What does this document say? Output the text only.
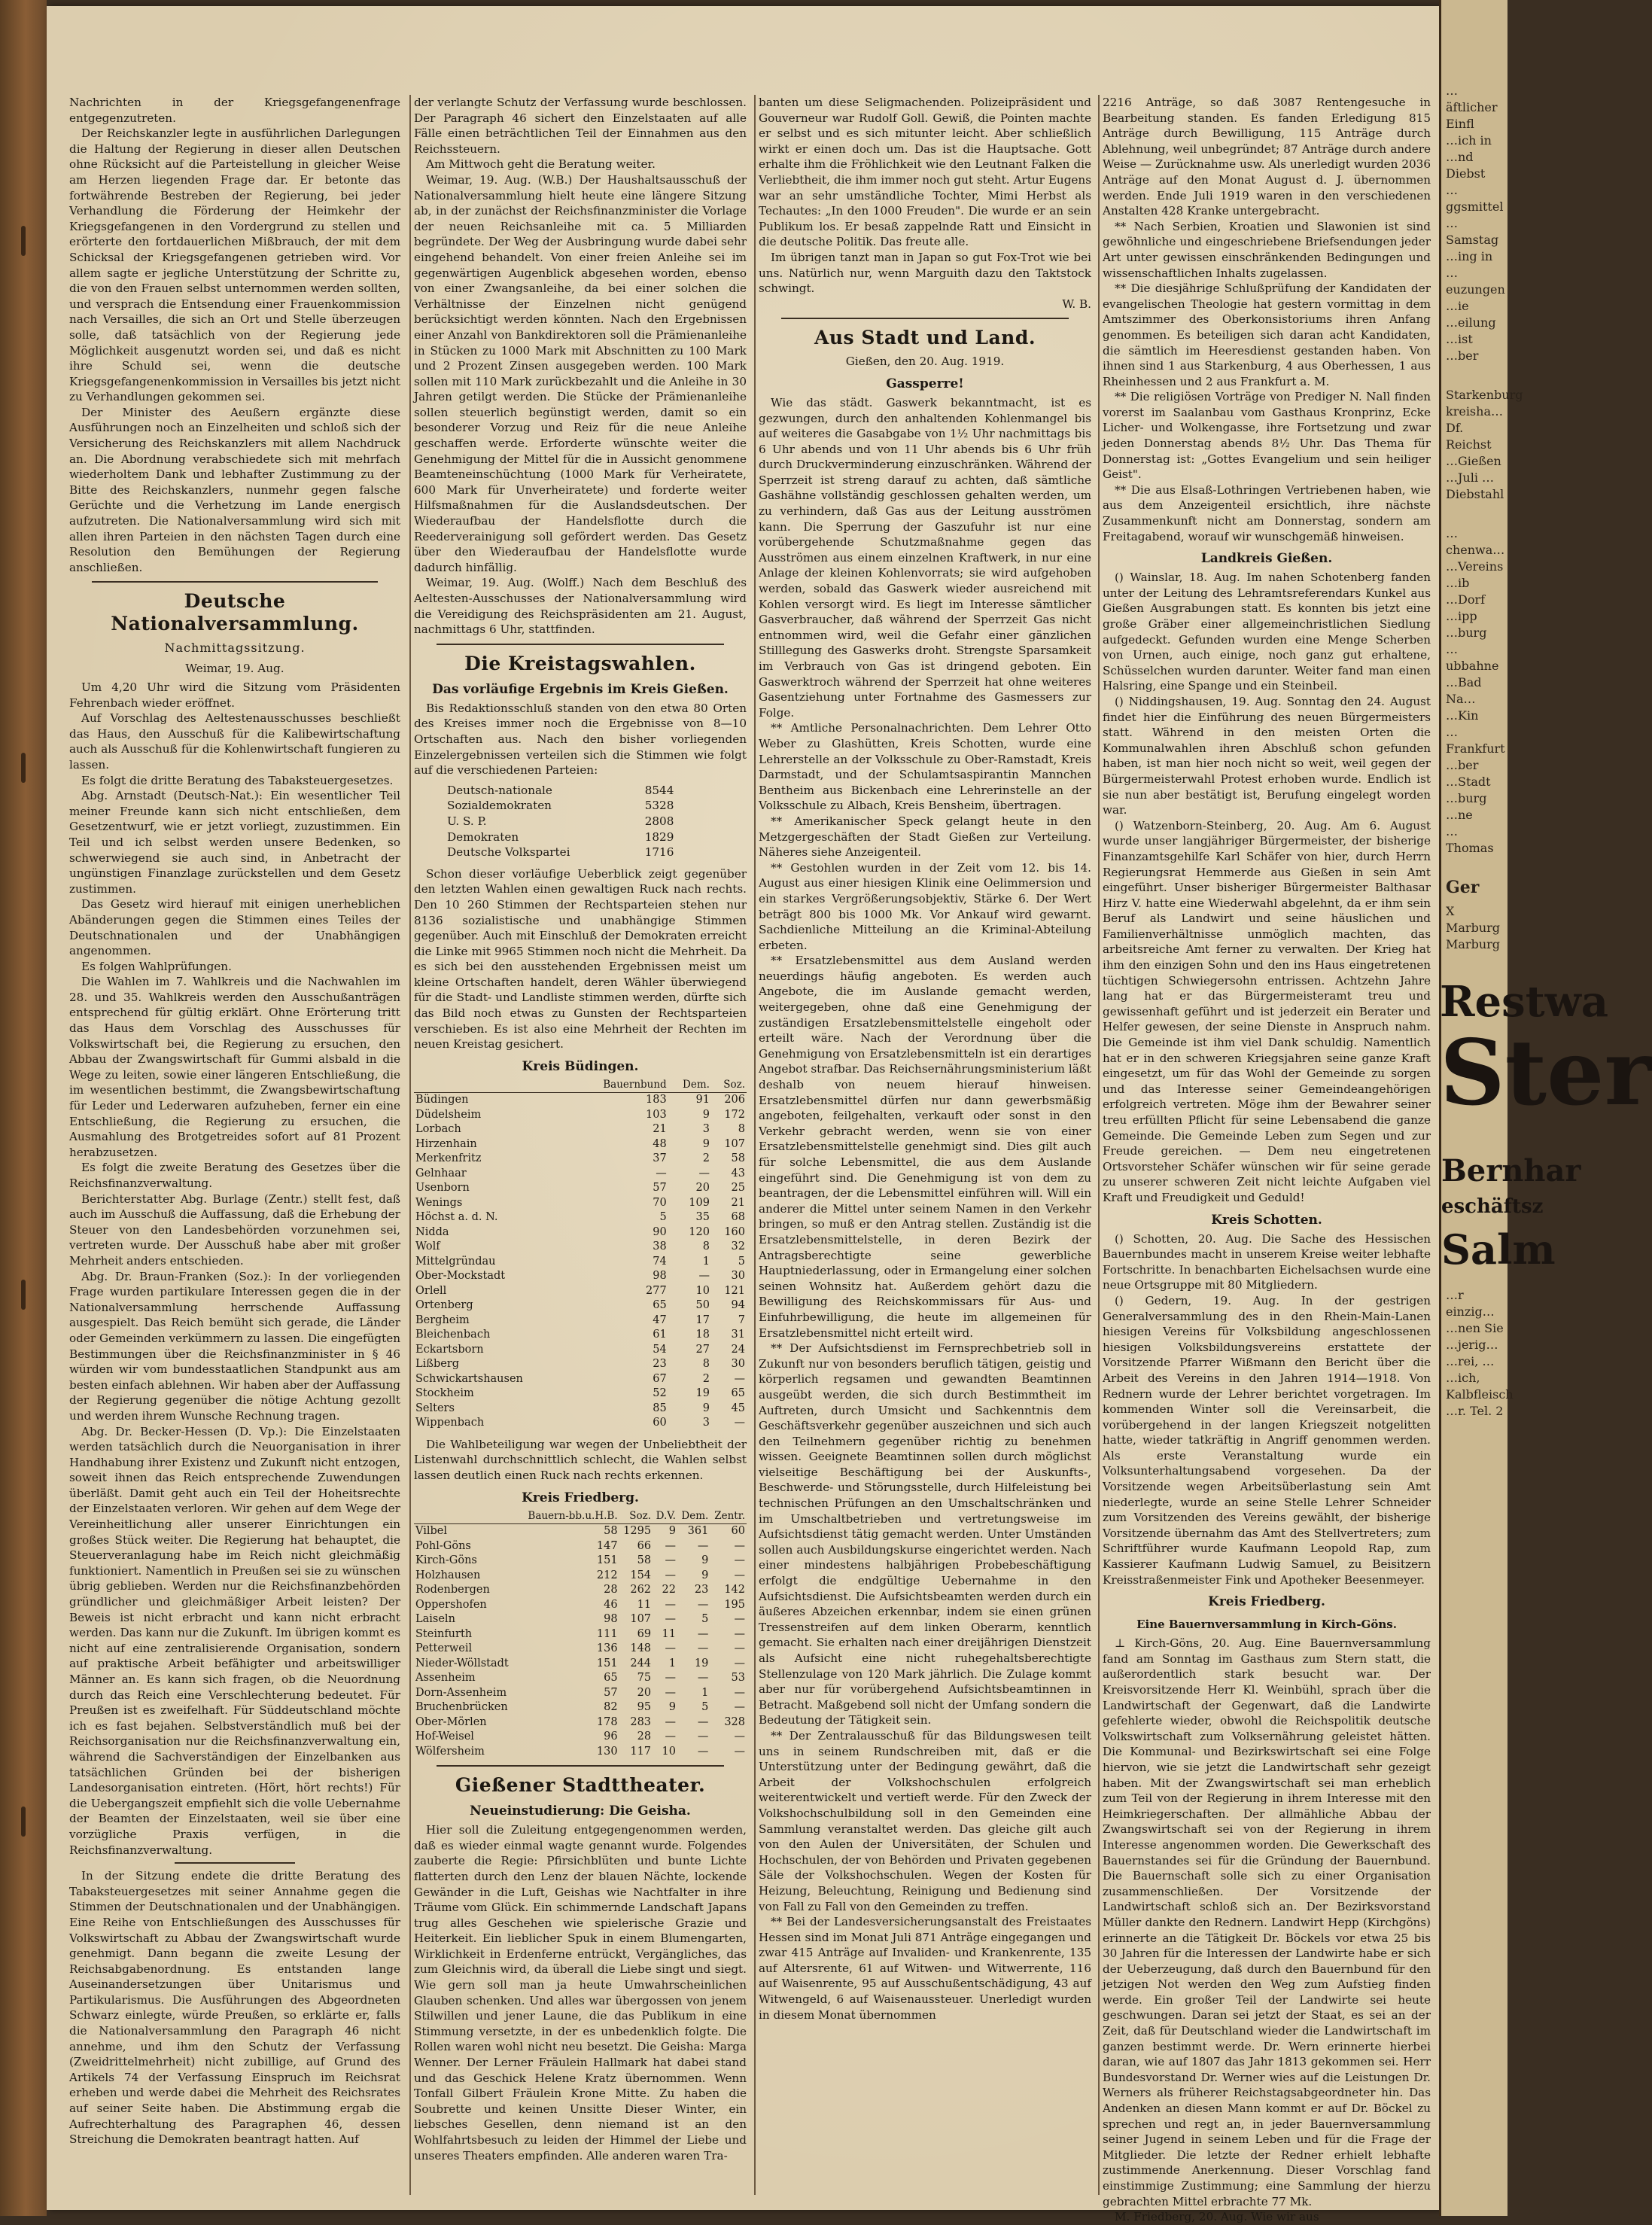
Nachrichten in der Kriegsgefangenenfrage entgegenzutreten.

Der Reichskanzler legte in ausführlichen Darlegungen die Haltung der Regierung in dieser allen Deutschen ohne Rücksicht auf die Parteistellung in gleicher Weise am Herzen liegenden Frage dar. Er betonte das fortwährende Bestreben der Regierung, bei jeder Verhandlung die Förderung der Heimkehr der Kriegsgefangenen in den Vordergrund zu stellen und erörterte den fortdauerlichen Mißbrauch, der mit dem Schicksal der Kriegsgefangenen getrieben wird. Vor allem sagte er jegliche Unterstützung der Schritte zu, die von den Frauen selbst unternommen werden sollten, und versprach die Entsendung einer Frauenkommission nach Versailles, die sich an Ort und Stelle überzeugen solle, daß tatsächlich von der Regierung jede Möglichkeit ausgenutzt worden sei, und daß es nicht ihre Schuld sei, wenn die deutsche Kriegsgefangenenkommission in Versailles bis jetzt nicht zu Verhandlungen gekommen sei.

Der Minister des Aeußern ergänzte diese Ausführungen noch an Einzelheiten und schloß sich der Versicherung des Reichskanzlers mit allem Nachdruck an. Die Abordnung verabschiedete sich mit mehrfach wiederholtem Dank und lebhafter Zustimmung zu der Bitte des Reichskanzlers, nunmehr gegen falsche Gerüchte und die Verhetzung im Lande energisch aufzutreten. Die Nationalversammlung wird sich mit allen ihren Parteien in den nächsten Tagen durch eine Resolution den Bemühungen der Regierung anschließen.

Deutsche Nationalversammlung.
Nachmittagssitzung.
Weimar, 19. Aug.

Um 4,20 Uhr wird die Sitzung vom Präsidenten Fehrenbach wieder eröffnet.

Auf Vorschlag des Aeltestenausschusses beschließt das Haus, den Ausschuß für die Kalibewirtschaftung auch als Ausschuß für die Kohlenwirtschaft fungieren zu lassen.

Es folgt die dritte Beratung des Tabaksteuergesetzes.

Abg. Arnstadt (Deutsch-Nat.): Ein wesentlicher Teil meiner Freunde kann sich nicht entschließen, dem Gesetzentwurf, wie er jetzt vorliegt, zuzustimmen. Ein Teil und ich selbst werden unsere Bedenken, so schwerwiegend sie auch sind, in Anbetracht der ungünstigen Finanzlage zurückstellen und dem Gesetz zustimmen.

Das Gesetz wird hierauf mit einigen unerheblichen Abänderungen gegen die Stimmen eines Teiles der Deutschnationalen und der Unabhängigen angenommen.

Es folgen Wahlprüfungen.

Die Wahlen im 7. Wahlkreis und die Nachwahlen im 28. und 35. Wahlkreis werden den Ausschußanträgen entsprechend für gültig erklärt. Ohne Erörterung tritt das Haus dem Vorschlag des Ausschusses für Volkswirtschaft bei, die Regierung zu ersuchen, den Abbau der Zwangswirtschaft für Gummi alsbald in die Wege zu leiten, sowie einer längeren Entschließung, die im wesentlichen bestimmt, die Zwangsbewirtschaftung für Leder und Lederwaren aufzuheben, ferner ein eine Entschließung, die Regierung zu ersuchen, die Ausmahlung des Brotgetreides sofort auf 81 Prozent herabzusetzen.

Es folgt die zweite Beratung des Gesetzes über die Reichsfinanzverwaltung.

Berichterstatter Abg. Burlage (Zentr.) stellt fest, daß auch im Ausschuß die Auffassung, daß die Erhebung der Steuer von den Landesbehörden vorzunehmen sei, vertreten wurde. Der Ausschuß habe aber mit großer Mehrheit anders entschieden.

Abg. Dr. Braun-Franken (Soz.): In der vorliegenden Frage wurden partikulare Interessen gegen die in der Nationalversammlung herrschende Auffassung ausgespielt. Das Reich bemüht sich gerade, die Länder oder Gemeinden verkümmern zu lassen. Die eingefügten Bestimmungen über die Reichsfinanzminister in § 46 würden wir vom bundesstaatlichen Standpunkt aus am besten einfach ablehnen. Wir haben aber der Auffassung der Regierung gegenüber die nötige Achtung gezollt und werden ihrem Wunsche Rechnung tragen.

Abg. Dr. Becker-Hessen (D. Vp.): Die Einzelstaaten werden tatsächlich durch die Neuorganisation in ihrer Handhabung ihrer Existenz und Zukunft nicht entzogen, soweit ihnen das Reich entsprechende Zuwendungen überläßt. Damit geht auch ein Teil der Hoheitsrechte der Einzelstaaten verloren. Wir gehen auf dem Wege der Vereinheitlichung aller unserer Einrichtungen ein großes Stück weiter. Die Regierung hat behauptet, die Steuerveranlagung habe im Reich nicht gleichmäßig funktioniert. Namentlich in Preußen sei sie zu wünschen übrig geblieben. Werden nur die Reichsfinanzbehörden gründlicher und gleichmäßiger Arbeit leisten? Der Beweis ist nicht erbracht und kann nicht erbracht werden. Das kann nur die Zukunft. Im übrigen kommt es nicht auf eine zentralisierende Organisation, sondern auf praktische Arbeit befähigter und arbeitswilliger Männer an. Es kann sich fragen, ob die Neuordnung durch das Reich eine Verschlechterung bedeutet. Für Preußen ist es zweifelhaft. Für Süddeutschland möchte ich es fast bejahen. Selbstverständlich muß bei der Reichsorganisation nur die Reichsfinanzverwaltung ein, während die Sachverständigen der Einzelbanken aus tatsächlichen Gründen bei der bisherigen Landesorganisation eintreten. (Hört, hört rechts!) Für die Uebergangszeit empfiehlt sich die volle Uebernahme der Beamten der Einzelstaaten, weil sie über eine vorzügliche Praxis verfügen, in die Reichsfinanzverwaltung.

In der Sitzung endete die dritte Beratung des Tabaksteuergesetzes mit seiner Annahme gegen die Stimmen der Deutschnationalen und der Unabhängigen. Eine Reihe von Entschließungen des Ausschusses für Volkswirtschaft zu Abbau der Zwangswirtschaft wurde genehmigt. Dann begann die zweite Lesung der Reichsabgabenordnung. Es entstanden lange Auseinandersetzungen über Unitarismus und Partikularismus. Die Ausführungen des Abgeordneten Schwarz einlegte, würde Preußen, so erklärte er, falls die Nationalversammlung den Paragraph 46 nicht annehme, und ihm den Schutz der Verfassung (Zweidrittelmehrheit) nicht zubillige, auf Grund des Artikels 74 der Verfassung Einspruch im Reichsrat erheben und werde dabei die Mehrheit des Reichsrates auf seiner Seite haben. Die Abstimmung ergab die Aufrechterhaltung des Paragraphen 46, dessen Streichung die Demokraten beantragt hatten. Auf

der verlangte Schutz der Verfassung wurde beschlossen. Der Paragraph 46 sichert den Einzelstaaten auf alle Fälle einen beträchtlichen Teil der Einnahmen aus den Reichssteuern.

Am Mittwoch geht die Beratung weiter.

Weimar, 19. Aug. (W.B.) Der Haushaltsausschuß der Nationalversammlung hielt heute eine längere Sitzung ab, in der zunächst der Reichsfinanzminister die Vorlage der neuen Reichsanleihe mit ca. 5 Milliarden begründete. Der Weg der Ausbringung wurde dabei sehr eingehend behandelt. Von einer freien Anleihe sei im gegenwärtigen Augenblick abgesehen worden, ebenso von einer Zwangsanleihe, da bei einer solchen die Verhältnisse der Einzelnen nicht genügend berücksichtigt werden könnten. Nach den Ergebnissen einer Anzahl von Bankdirektoren soll die Prämienanleihe in Stücken zu 1000 Mark mit Abschnitten zu 100 Mark und 2 Prozent Zinsen ausgegeben werden. 100 Mark sollen mit 110 Mark zurückbezahlt und die Anleihe in 30 Jahren getilgt werden. Die Stücke der Prämienanleihe sollen steuerlich begünstigt werden, damit so ein besonderer Vorzug und Reiz für die neue Anleihe geschaffen werde. Erforderte wünschte weiter die Genehmigung der Mittel für die in Aussicht genommene Beamteneinschüchtung (1000 Mark für Verheiratete, 600 Mark für Unverheiratete) und forderte weiter Hilfsmaßnahmen für die Auslandsdeutschen. Der Wiederaufbau der Handelsflotte durch die Reederverainigung soll gefördert werden. Das Gesetz über den Wiederaufbau der Handelsflotte wurde dadurch hinfällig.

Weimar, 19. Aug. (Wolff.) Nach dem Beschluß des Aeltesten-Ausschusses der Nationalversammlung wird die Vereidigung des Reichspräsidenten am 21. August, nachmittags 6 Uhr, stattfinden.

Die Kreistagswahlen.
Das vorläufige Ergebnis im Kreis Gießen.

Bis Redaktionsschluß standen von den etwa 80 Orten des Kreises immer noch die Ergebnisse von 8—10 Ortschaften aus. Nach den bisher vorliegenden Einzelergebnissen verteilen sich die Stimmen wie folgt auf die verschiedenen Parteien:

Deutsch-nationale	8544
Sozialdemokraten	5328
U. S. P.	2808
Demokraten	1829
Deutsche Volkspartei	1716

Schon dieser vorläufige Ueberblick zeigt gegenüber den letzten Wahlen einen gewaltigen Ruck nach rechts. Den 10 260 Stimmen der Rechtsparteien stehen nur 8136 sozialistische und unabhängige Stimmen gegenüber. Auch mit Einschluß der Demokraten erreicht die Linke mit 9965 Stimmen noch nicht die Mehrheit. Da es sich bei den ausstehenden Ergebnissen meist um kleine Ortschaften handelt, deren Wähler überwiegend für die Stadt- und Landliste stimmen werden, dürfte sich das Bild noch etwas zu Gunsten der Rechtsparteien verschieben. Es ist also eine Mehrheit der Rechten im neuen Kreistag gesichert.

Kreis Büdingen.
	Bauernbund	Dem.	Soz.
Büdingen	183	91	206
Düdelsheim	103	9	172
Lorbach	21	3	8
Hirzenhain	48	9	107
Merkenfritz	37	2	58
Gelnhaar	—	—	43
Usenborn	57	20	25
Wenings	70	109	21
Höchst a. d. N.	5	35	68
Nidda	90	120	160
Wolf	38	8	32
Mittelgründau	74	1	5
Ober-Mockstadt	98	—	30
Orlell	277	10	121
Ortenberg	65	50	94
Bergheim	47	17	7
Bleichenbach	61	18	31
Eckartsborn	54	27	24
Lißberg	23	8	30
Schwickartshausen	67	2	—
Stockheim	52	19	65
Selters	85	9	45
Wippenbach	60	3	—

Die Wahlbeteiligung war wegen der Unbeliebtheit der Listenwahl durchschnittlich schlecht, die Wahlen selbst lassen deutlich einen Ruck nach rechts erkennen.

Kreis Friedberg.
	Bauern-bb.u.H.B.	Soz.	D.V.	Dem.	Zentr.
Vilbel	58	1295	9	361	60
Pohl-Göns	147	66	—	—	—
Kirch-Göns	151	58	—	9	—
Holzhausen	212	154	—	9	—
Rodenbergen	28	262	22	23	142
Oppershofen	46	11	—	—	195
Laiseln	98	107	—	5	—
Steinfurth	111	69	11	—	—
Petterweil	136	148	—	—	—
Nieder-Wöllstadt	151	244	1	19	—
Assenheim	65	75	—	—	53
Dorn-Assenheim	57	20	—	1	—
Bruchenbrücken	82	95	9	5	—
Ober-Mörlen	178	283	—	—	328
Hof-Weisel	96	28	—	—	—
Wölfersheim	130	117	10	—	—
Gießener Stadttheater.
Neueinstudierung: Die Geisha.

Hier soll die Zuleitung entgegengenommen werden, daß es wieder einmal wagte genannt wurde. Folgendes zauberte die Regie: Pfirsichblüten und bunte Lichte flatterten durch den Lenz der blauen Nächte, lockende Gewänder in die Luft, Geishas wie Nachtfalter in ihre Träume vom Glück. Ein schimmernde Landschaft Japans trug alles Geschehen wie spielerische Grazie und Heiterkeit. Ein lieblicher Spuk in einem Blumengarten, Wirklichkeit in Erdenferne entrückt, Vergängliches, das zum Gleichnis wird, da überall die Liebe singt und siegt. Wie gern soll man ja heute Umwahrscheinlichen Glauben schenken. Und alles war übergossen von jenem Stilwillen und jener Laune, die das Publikum in eine Stimmung versetzte, in der es unbedenklich folgte. Die Rollen waren wohl nicht neu besetzt. Die Geisha: Marga Wenner. Der Lerner Fräulein Hallmark hat dabei stand und das Geschick Helene Kratz übernommen. Wenn Tonfall Gilbert Fräulein Krone Mitte. Zu haben die Soubrette und keinen Unsitte Dieser Winter, ein liebsches Gesellen, denn niemand ist an den Wohlfahrtsbesuch zu leiden der Himmel der Liebe und unseres Theaters empfinden. Alle anderen waren Tra-

banten um diese Seligmachenden. Polizeipräsident und Gouverneur war Rudolf Goll. Gewiß, die Pointen machte er selbst und es sich mitunter leicht. Aber schließlich wirkt er einen doch um. Das ist die Hauptsache. Gott erhalte ihm die Fröhlichkeit wie den Leutnant Falken die Verliebtheit, die ihm immer noch gut steht. Artur Eugens war an sehr umständliche Tochter, Mimi Herbst als Techautes: „In den 1000 Freuden". Die wurde er an sein Publikum los. Er besaß zappelnde Ratt und Einsicht in die deutsche Politik. Das freute alle.

Im übrigen tanzt man in Japan so gut Fox-Trot wie bei uns. Natürlich nur, wenn Marguith dazu den Taktstock schwingt.

W. B.
Aus Stadt und Land.
Gießen, den 20. Aug. 1919.
Gassperre!

Wie das städt. Gaswerk bekanntmacht, ist es gezwungen, durch den anhaltenden Kohlenmangel bis auf weiteres die Gasabgabe von 1½ Uhr nachmittags bis 6 Uhr abends und von 11 Uhr abends bis 6 Uhr früh durch Druckverminderung einzuschränken. Während der Sperrzeit ist streng darauf zu achten, daß sämtliche Gashähne vollständig geschlossen gehalten werden, um zu verhindern, daß Gas aus der Leitung ausströmen kann. Die Sperrung der Gaszufuhr ist nur eine vorübergehende Schutzmaßnahme gegen das Ausströmen aus einem einzelnen Kraftwerk, in nur eine Anlage der kleinen Kohlenvorrats; sie wird aufgehoben werden, sobald das Gaswerk wieder ausreichend mit Kohlen versorgt wird. Es liegt im Interesse sämtlicher Gasverbraucher, daß während der Sperrzeit Gas nicht entnommen wird, weil die Gefahr einer gänzlichen Stilllegung des Gaswerks droht. Strengste Sparsamkeit im Verbrauch von Gas ist dringend geboten. Ein Gaswerktroch während der Sperrzeit hat ohne weiteres Gasentziehung unter Fortnahme des Gasmessers zur Folge.

** Amtliche Personalnachrichten. Dem Lehrer Otto Weber zu Glashütten, Kreis Schotten, wurde eine Lehrerstelle an der Volksschule zu Ober-Ramstadt, Kreis Darmstadt, und der Schulamtsaspirantin Mannchen Bentheim aus Bickenbach eine Lehrerinstelle an der Volksschule zu Albach, Kreis Bensheim, übertragen.

** Amerikanischer Speck gelangt heute in den Metzgergeschäften der Stadt Gießen zur Verteilung. Näheres siehe Anzeigenteil.

** Gestohlen wurden in der Zeit vom 12. bis 14. August aus einer hiesigen Klinik eine Oelimmersion und ein starkes Vergrößerungsobjektiv, Stärke 6. Der Wert beträgt 800 bis 1000 Mk. Vor Ankauf wird gewarnt. Sachdienliche Mitteilung an die Kriminal-Abteilung erbeten.

** Ersatzlebensmittel aus dem Ausland werden neuerdings häufig angeboten. Es werden auch Angebote, die im Auslande gemacht werden, weitergegeben, ohne daß eine Genehmigung der zuständigen Ersatzlebensmittelstelle eingeholt oder erteilt wäre. Nach der Verordnung über die Genehmigung von Ersatzlebensmitteln ist ein derartiges Angebot strafbar. Das Reichsernährungsministerium läßt deshalb von neuem hierauf hinweisen. Ersatzlebensmittel dürfen nur dann gewerbsmäßig angeboten, feilgehalten, verkauft oder sonst in den Verkehr gebracht werden, wenn sie von einer Ersatzlebensmittelstelle genehmigt sind. Dies gilt auch für solche Lebensmittel, die aus dem Auslande eingeführt sind. Die Genehmigung ist von dem zu beantragen, der die Lebensmittel einführen will. Will ein anderer die Mittel unter seinem Namen in den Verkehr bringen, so muß er den Antrag stellen. Zuständig ist die Ersatzlebensmittelstelle, in deren Bezirk der Antragsberechtigte seine gewerbliche Hauptniederlassung, oder in Ermangelung einer solchen seinen Wohnsitz hat. Außerdem gehört dazu die Bewilligung des Reichskommissars für Aus- und Einfuhrbewilligung, die heute im allgemeinen für Ersatzlebensmittel nicht erteilt wird.

** Der Aufsichtsdienst im Fernsprechbetrieb soll in Zukunft nur von besonders beruflich tätigen, geistig und körperlich regsamen und gewandten Beamtinnen ausgeübt werden, die sich durch Bestimmtheit im Auftreten, durch Umsicht und Sachkenntnis dem Geschäftsverkehr gegenüber auszeichnen und sich auch den Teilnehmern gegenüber richtig zu benehmen wissen. Geeignete Beamtinnen sollen durch möglichst vielseitige Beschäftigung bei der Auskunfts-, Beschwerde- und Störungsstelle, durch Hilfeleistung bei technischen Prüfungen an den Umschaltschränken und im Umschaltbetrieben und vertretungsweise im Aufsichtsdienst tätig gemacht werden. Unter Umständen sollen auch Ausbildungskurse eingerichtet werden. Nach einer mindestens halbjährigen Probebeschäftigung erfolgt die endgültige Uebernahme in den Aufsichtsdienst. Die Aufsichtsbeamten werden durch ein äußeres Abzeichen erkennbar, indem sie einen grünen Tressenstreifen auf dem linken Oberarm, kenntlich gemacht. Sie erhalten nach einer dreijährigen Dienstzeit als Aufsicht eine nicht ruhegehaltsberechtigte Stellenzulage von 120 Mark jährlich. Die Zulage kommt aber nur für vorübergehend Aufsichtsbeamtinnen in Betracht. Maßgebend soll nicht der Umfang sondern die Bedeutung der Tätigkeit sein.

** Der Zentralausschuß für das Bildungswesen teilt uns in seinem Rundschreiben mit, daß er die Unterstützung unter der Bedingung gewährt, daß die Arbeit der Volkshochschulen erfolgreich weiterentwickelt und vertieft werde. Für den Zweck der Volkshochschulbildung soll in den Gemeinden eine Sammlung veranstaltet werden. Das gleiche gilt auch von den Aulen der Universitäten, der Schulen und Hochschulen, der von Behörden und Privaten gegebenen Säle der Volkshochschulen. Wegen der Kosten für Heizung, Beleuchtung, Reinigung und Bedienung sind von Fall zu Fall von den Gemeinden zu treffen.

** Bei der Landesversicherungsanstalt des Freistaates Hessen sind im Monat Juli 871 Anträge eingegangen und zwar 415 Anträge auf Invaliden- und Krankenrente, 135 auf Altersrente, 61 auf Witwen- und Witwerrente, 116 auf Waisenrente, 95 auf Ausschußentschädigung, 43 auf Witwengeld, 6 auf Waisenaussteuer. Unerledigt wurden in diesem Monat übernommen

2216 Anträge, so daß 3087 Rentengesuche in Bearbeitung standen. Es fanden Erledigung 815 Anträge durch Bewilligung, 115 Anträge durch Ablehnung, weil unbegründet; 87 Anträge durch andere Weise — Zurücknahme usw. Als unerledigt wurden 2036 Anträge auf den Monat August d. J. übernommen werden. Ende Juli 1919 waren in den verschiedenen Anstalten 428 Kranke untergebracht.

** Nach Serbien, Kroatien und Slawonien ist sind gewöhnliche und eingeschriebene Briefsendungen jeder Art unter gewissen einschränkenden Bedingungen und wissenschaftlichen Inhalts zugelassen.

** Die diesjährige Schlußprüfung der Kandidaten der evangelischen Theologie hat gestern vormittag in dem Amtszimmer des Oberkonsistoriums ihren Anfang genommen. Es beteiligen sich daran acht Kandidaten, die sämtlich im Heeresdienst gestanden haben. Von ihnen sind 1 aus Starkenburg, 4 aus Oberhessen, 1 aus Rheinhessen und 2 aus Frankfurt a. M.

** Die religiösen Vorträge von Prediger N. Nall finden vorerst im Saalanbau vom Gasthaus Kronprinz, Ecke Licher- und Wolkengasse, ihre Fortsetzung und zwar jeden Donnerstag abends 8½ Uhr. Das Thema für Donnerstag ist: „Gottes Evangelium und sein heiliger Geist".

** Die aus Elsaß-Lothringen Vertriebenen haben, wie aus dem Anzeigenteil ersichtlich, ihre nächste Zusammenkunft nicht am Donnerstag, sondern am Freitagabend, worauf wir wunschgemäß hinweisen.

Landkreis Gießen.

() Wainslar, 18. Aug. Im nahen Schotenberg fanden unter der Leitung des Lehramtsreferendars Kunkel aus Gießen Ausgrabungen statt. Es konnten bis jetzt eine große Gräber einer allgemeinchristlichen Siedlung aufgedeckt. Gefunden wurden eine Menge Scherben von Urnen, auch einige, noch ganz gut erhaltene, Schüsselchen wurden darunter. Weiter fand man einen Halsring, eine Spange und ein Steinbeil.

() Niddingshausen, 19. Aug. Sonntag den 24. August findet hier die Einführung des neuen Bürgermeisters statt. Während in den meisten Orten die Kommunalwahlen ihren Abschluß schon gefunden haben, ist man hier noch nicht so weit, weil gegen der Bürgermeisterwahl Protest erhoben wurde. Endlich ist sie nun aber bestätigt ist, Berufung eingelegt worden war.

() Watzenborn-Steinberg, 20. Aug. Am 6. August wurde unser langjähriger Bürgermeister, der bisherige Finanzamtsgehilfe Karl Schäfer von hier, durch Herrn Regierungsrat Hemmerde aus Gießen in sein Amt eingeführt. Unser bisheriger Bürgermeister Balthasar Hirz V. hatte eine Wiederwahl abgelehnt, da er ihm sein Beruf als Landwirt und seine häuslichen und Familienverhältnisse unmöglich machten, das arbeitsreiche Amt ferner zu verwalten. Der Krieg hat ihm den einzigen Sohn und den ins Haus eingetretenen tüchtigen Schwiegersohn entrissen. Achtzehn Jahre lang hat er das Bürgermeisteramt treu und gewissenhaft geführt und ist jederzeit ein Berater und Helfer gewesen, der seine Dienste in Anspruch nahm. Die Gemeinde ist ihm viel Dank schuldig. Namentlich hat er in den schweren Kriegsjahren seine ganze Kraft eingesetzt, um für das Wohl der Gemeinde zu sorgen und das Interesse seiner Gemeindeangehörigen erfolgreich vertreten. Möge ihm der Bewahrer seiner treu erfüllten Pflicht für seine Lebensabend die ganze Gemeinde. Die Gemeinde Leben zum Segen und zur Freude gereichen. — Dem neu eingetretenen Ortsvorsteher Schäfer wünschen wir für seine gerade zu unserer schweren Zeit nicht leichte Aufgaben viel Kraft und Freudigkeit und Geduld!

Kreis Schotten.

() Schotten, 20. Aug. Die Sache des Hessischen Bauernbundes macht in unserem Kreise weiter lebhafte Fortschritte. In benachbarten Eichelsachsen wurde eine neue Ortsgruppe mit 80 Mitgliedern.

() Gedern, 19. Aug. In der gestrigen Generalversammlung des in den Rhein-Main-Lanen hiesigen Vereins für Volksbildung angeschlossenen hiesigen Volksbildungsvereins erstattete der Vorsitzende Pfarrer Wißmann den Bericht über die Arbeit des Vereins in den Jahren 1914—1918. Von Rednern wurde der Lehrer berichtet vorgetragen. Im kommenden Winter soll die Vereinsarbeit, die vorübergehend in der langen Kriegszeit notgelitten hatte, wieder tatkräftig in Angriff genommen werden. Als erste Veranstaltung wurde ein Volksunterhaltungsabend vorgesehen. Da der Vorsitzende wegen Arbeitsüberlastung sein Amt niederlegte, wurde an seine Stelle Lehrer Schneider zum Vorsitzenden des Vereins gewählt, der bisherige Vorsitzende übernahm das Amt des Stellvertreters; zum Schriftführer wurde Kaufmann Leopold Rap, zum Kassierer Kaufmann Ludwig Samuel, zu Beisitzern Kreisstraßenmeister Fink und Apotheker Beesenmeyer.

Kreis Friedberg.
Eine Bauernversammlung in Kirch-Göns.

⊥ Kirch-Göns, 20. Aug. Eine Bauernversammlung fand am Sonntag im Gasthaus zum Stern statt, die außerordentlich stark besucht war. Der Kreisvorsitzende Herr Kl. Weinbühl, sprach über die Landwirtschaft der Gegenwart, daß die Landwirte gefehlerte wieder, obwohl die Reichspolitik deutsche Volkswirtschaft zum Volksernährung geleistet hätten. Die Kommunal- und Bezirkswirtschaft sei eine Folge hiervon, wie sie jetzt die Landwirtschaft sehr gezeigt haben. Mit der Zwangswirtschaft sei man erheblich zum Teil von der Regierung in ihrem Interesse mit den Heimkriegerschaften. Der allmähliche Abbau der Zwangswirtschaft sei von der Regierung in ihrem Interesse angenommen worden. Die Gewerkschaft des Bauernstandes sei für die Gründung der Bauernbund. Die Bauernschaft solle sich zu einer Organisation zusammenschließen. Der Vorsitzende der Landwirtschaft schloß sich an. Der Bezirksvorstand Müller dankte den Rednern. Landwirt Hepp (Kirchgöns) erinnerte an die Tätigkeit Dr. Böckels vor etwa 25 bis 30 Jahren für die Interessen der Landwirte habe er sich der Ueberzeugung, daß durch den Bauernbund für den jetzigen Not werden den Weg zum Aufstieg finden werde. Ein großer Teil der Landwirte sei heute geschwungen. Daran sei jetzt der Staat, es sei an der Zeit, daß für Deutschland wieder die Landwirtschaft im ganzen bestimmt werde. Dr. Wern erinnerte hierbei daran, wie auf 1807 das Jahr 1813 gekommen sei. Herr Bundesvorstand Dr. Werner wies auf die Leistungen Dr. Werners als früherer Reichstagsabgeordneter hin. Das Andenken an diesen Mann kommt er auf Dr. Böckel zu sprechen und regt an, in jeder Bauernversammlung seiner Jugend in seinem Leben und für die Frage der Mitglieder. Die letzte der Redner erhielt lebhafte zustimmende Anerkennung. Dieser Vorschlag fand einstimmige Zustimmung; eine Sammlung der hierzu gebrachten Mittel erbrachte 77 Mk.

M. Friedberg, 20. Aug. Wie wir aus

…äftlicher Einfl
…ich in
…nd Diebst
…ggsmittel
…Samstag
…ing in
…euzungen
…ie
…eilung
…ist
…ber
Starkenburg
kreisha…
Df. Reichst
…Gießen
…Juli …
Diebstahl
…chenwa…
…Vereins
…ib
…Dorf
…ipp
…burg
…ubbahne
…Bad Na…
…Kin
…Frankfurt
…ber
…Stadt
…burg
…ne
…Thomas
Ger
X Marburg
Marburg
Restwa
Ster
Bernhar
eschäftsz
Salm
…r einzig…
…nen Sie
…jerig…
…rei, …
…ich, Kalbfleisch
…r. Tel. 2
